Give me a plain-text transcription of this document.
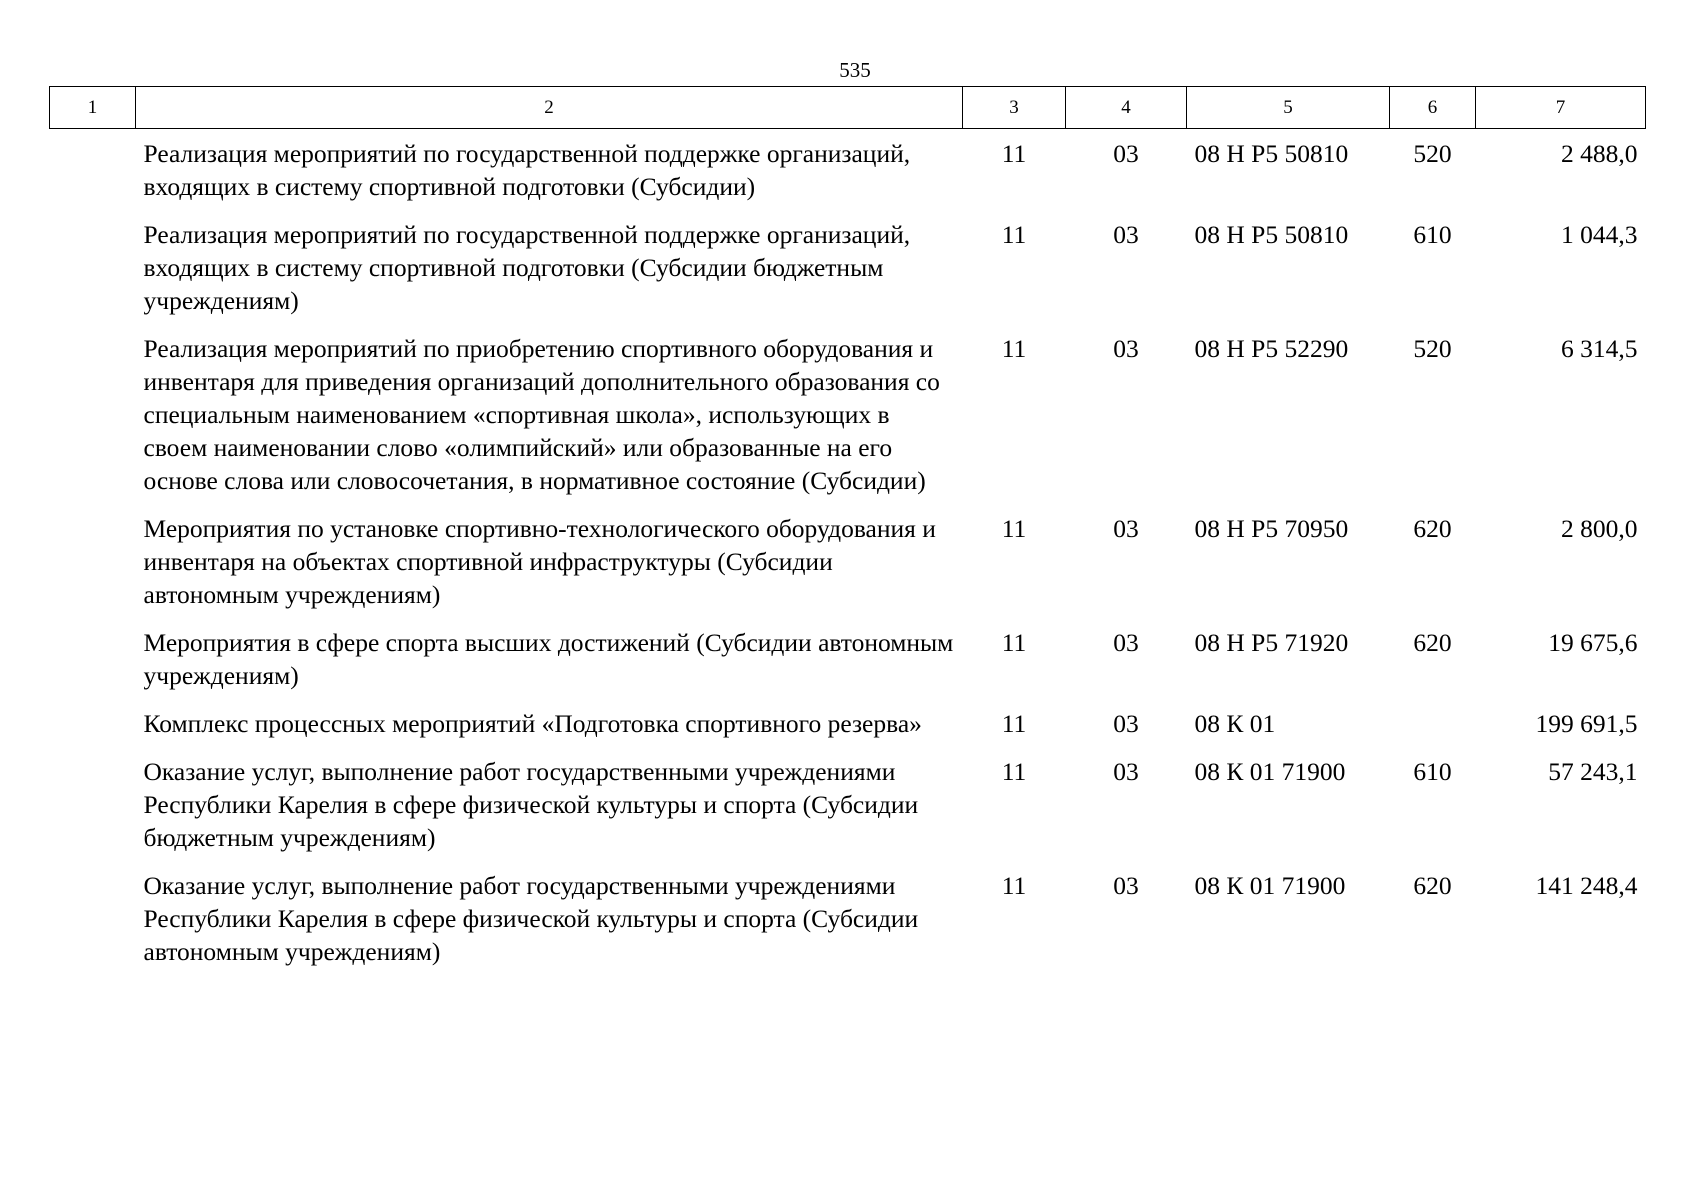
535
1	2	3	4	5	6	7
	Реализация мероприятий по государственной поддержке организаций, входящих в систему спортивной подготовки (Субсидии)	11	03	08 Н Р5 50810	520	2 488,0
	Реализация мероприятий по государственной поддержке организаций, входящих в систему спортивной подготовки (Субсидии бюджетным учреждениям)	11	03	08 Н Р5 50810	610	1 044,3
	Реализация мероприятий по приобретению спортивного оборудования и инвентаря для приведения организаций дополнительного образования со специальным наименованием «спортивная школа», использующих в своем наименовании слово «олимпийский» или образованные на его основе слова или словосочетания, в нормативное состояние (Субсидии)	11	03	08 Н Р5 52290	520	6 314,5
	Мероприятия по установке спортивно-технологического оборудования и инвентаря на объектах спортивной инфраструктуры (Субсидии автономным учреждениям)	11	03	08 Н Р5 70950	620	2 800,0
	Мероприятия в сфере спорта высших достижений (Субсидии автономным учреждениям)	11	03	08 Н Р5 71920	620	19 675,6
	Комплекс процессных мероприятий «Подготовка спортивного резерва»	11	03	08 К 01		199 691,5
	Оказание услуг, выполнение работ государственными учреждениями Республики Карелия в сфере физической культуры и спорта (Субсидии бюджетным учреждениям)	11	03	08 К 01 71900	610	57 243,1
	Оказание услуг, выполнение работ государственными учреждениями Республики Карелия в сфере физической культуры и спорта (Субсидии автономным учреждениям)	11	03	08 К 01 71900	620	141 248,4
